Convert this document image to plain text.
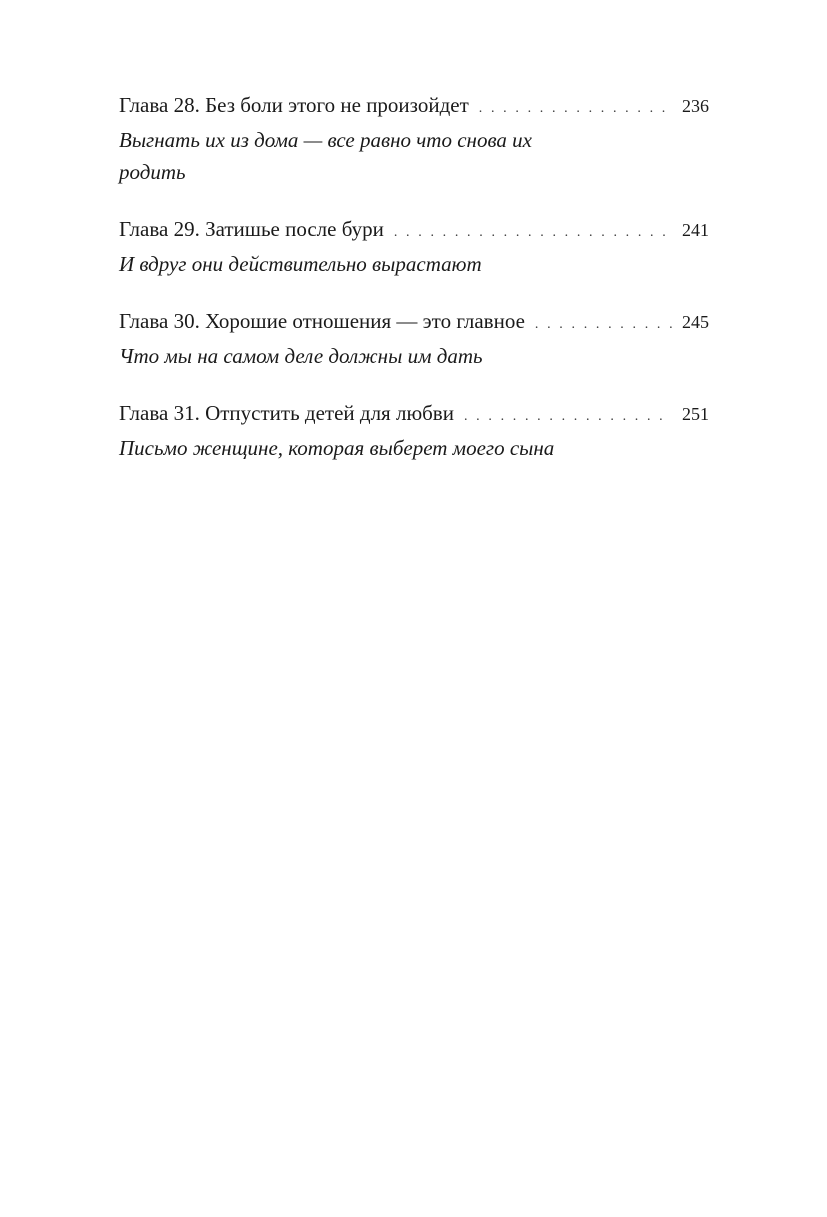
Глава 28. Без боли этого не произойдет . . .	236
Выгнать их из дома — все равно что снова их родить
Глава 29. Затишье после бури . . .	241
И вдруг они действительно вырастают
Глава 30. Хорошие отношения — это главное . . .	245
Что мы на самом деле должны им дать
Глава 31. Отпустить детей для любви . . .	251
Письмо женщине, которая выберет моего сына
